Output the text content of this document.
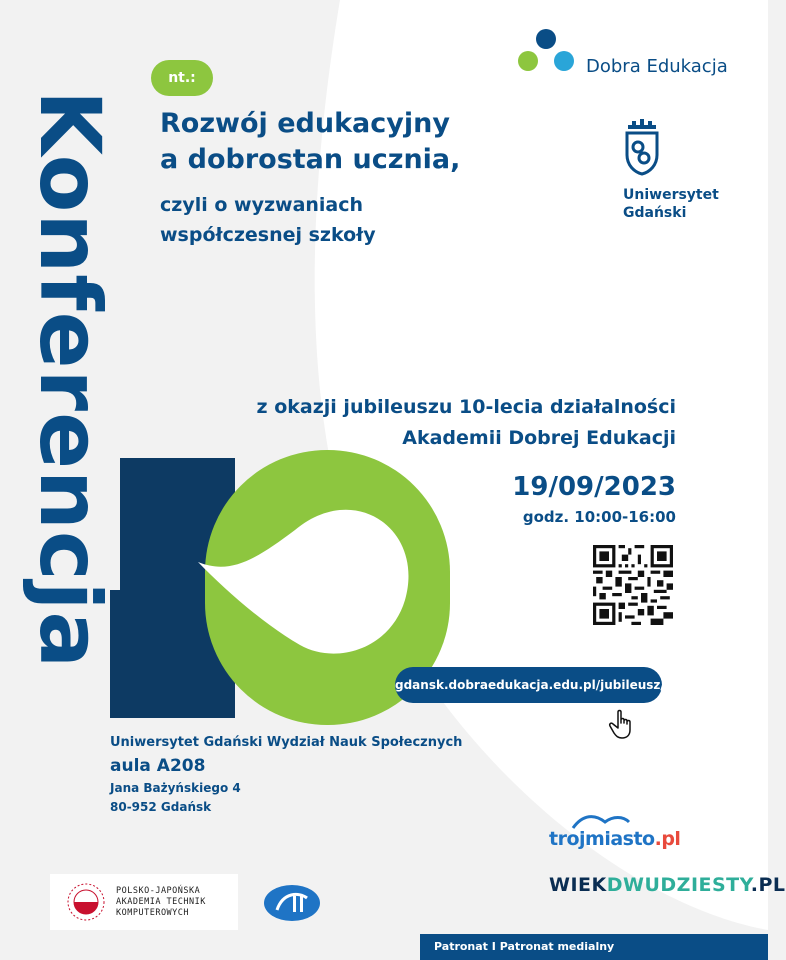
Konferencja
nt.:
Rozwój edukacyjny
a dobrostan ucznia,
czyli o wyzwaniach
współczesnej szkoły
z okazji jubileuszu 10-lecia działalności
Akademii Dobrej Edukacji
19/09/2023
godz. 10:00-16:00
gdansk.dobraedukacja.edu.pl/jubileusz/
Uniwersytet Gdański Wydział Nauk Społecznych
aula A208
Jana Bażyńskiego 4
80-952 Gdańsk
Dobra Edukacja
Uniwersytet
Gdański
POLSKO-JAPOŃSKA
AKADEMIA TECHNIK
KOMPUTEROWYCH
trojmiasto.pl
WIEKDWUDZIESTY.PL
Patronat I Patronat medialny
